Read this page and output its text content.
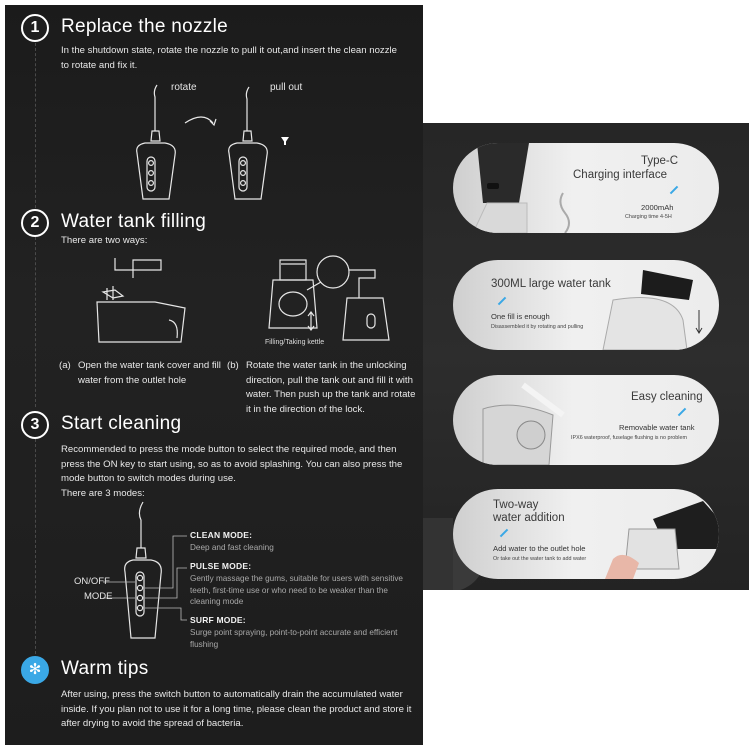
1	Replace the nozzle
In the shutdown state, rotate the nozzle to pull it out,and insert the clean nozzle to rotate and fix it.
rotate	pull out
2	Water tank filling
There are two ways:
Filling/Taking kettle
(a) Open the water tank cover and fill water from the outlet hole
(b) Rotate the water tank in the unlocking direction, pull the tank out and fill it with water. Then push up the tank and rotate it in the direction of the lock.
3	Start cleaning
Recommended to press the mode button to select the required mode, and then press the ON key to start using, so as to avoid splashing. You can also press the mode button to switch modes during use.
There are 3 modes:
ON/OFF
MODE
CLEAN MODE:
Deep and fast cleaning
PULSE MODE:
Gently massage the gums, suitable for users with sensitive teeth, first-time use or who need to be weaker than the cleaning mode
SURF MODE:
Surge point spraying, point-to-point accurate and efficient flushing
✻	Warm tips
After using, press the switch button to automatically drain the accumulated water inside. If you plan not to use it for a long time, please clean the product and store it after drying to avoid the spread of bacteria.
Type-C
Charging interface
2000mAh
Charging time 4-5H
300ML large water tank
One fill is enough
Disassembled it by rotating and pulling
Easy cleaning
Removable water tank
IPX6 waterproof, fuselage flushing is no problem
Two-way
water addition
Add water to the outlet hole
Or take out the water tank to add water
